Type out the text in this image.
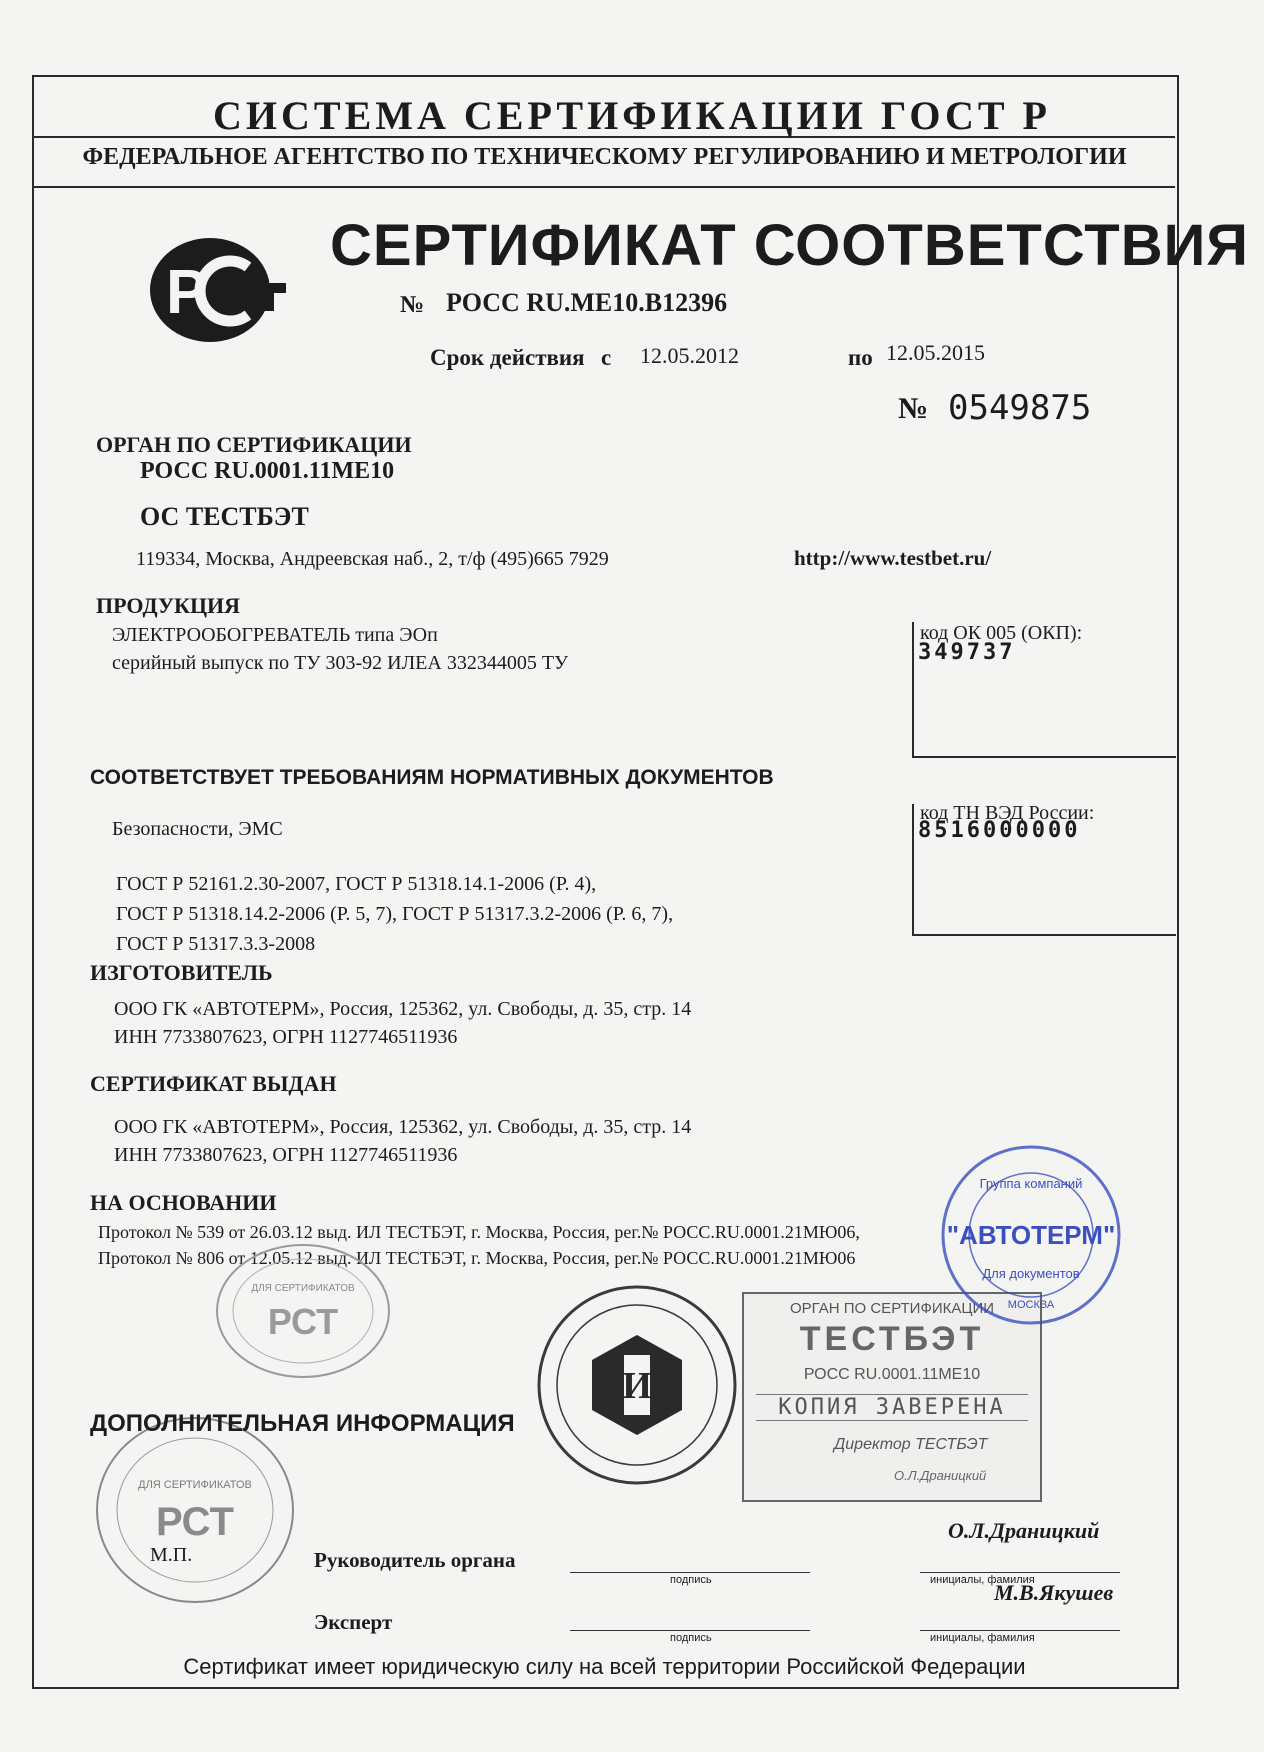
СИСТЕМА СЕРТИФИКАЦИИ ГОСТ Р
ФЕДЕРАЛЬНОЕ АГЕНТСТВО ПО ТЕХНИЧЕСКОМУ РЕГУЛИРОВАНИЮ И МЕТРОЛОГИИ
Р
СЕРТИФИКАТ СООТВЕТСТВИЯ
№ РОСС RU.МЕ10.В12396
Срок действия с 12.05.2012	по 12.05.2015
№ 0549875
ОРГАН ПО СЕРТИФИКАЦИИ
РОСС RU.0001.11МЕ10
ОС ТЕСТБЭТ
119334, Москва, Андреевская наб., 2, т/ф (495)665 7929	http://www.testbet.ru/
ПРОДУКЦИЯ
ЭЛЕКТРООБОГРЕВАТЕЛЬ типа ЭОп
серийный выпуск по ТУ 303-92 ИЛЕА 332344005 ТУ
код ОК 005 (ОКП):
349737
СООТВЕТСТВУЕТ ТРЕБОВАНИЯМ НОРМАТИВНЫХ ДОКУМЕНТОВ
Безопасности, ЭМС
ГОСТ Р 52161.2.30-2007, ГОСТ Р 51318.14.1-2006 (Р. 4),
ГОСТ Р 51318.14.2-2006 (Р. 5, 7), ГОСТ Р 51317.3.2-2006 (Р. 6, 7),
ГОСТ Р 51317.3.3-2008
код ТН ВЭД России:
8516000000
ИЗГОТОВИТЕЛЬ
ООО ГК «АВТОТЕРМ», Россия, 125362, ул. Свободы, д. 35, стр. 14
ИНН 7733807623, ОГРН 1127746511936
СЕРТИФИКАТ ВЫДАН
ООО ГК «АВТОТЕРМ», Россия, 125362, ул. Свободы, д. 35, стр. 14
ИНН 7733807623, ОГРН 1127746511936
НА ОСНОВАНИИ
Протокол № 539 от 26.03.12 выд. ИЛ ТЕСТБЭТ, г. Москва, Россия, рег.№ РОСС.RU.0001.21МЮ06,
Протокол № 806 от 12.05.12 выд. ИЛ ТЕСТБЭТ, г. Москва, Россия, рег.№ РОСС.RU.0001.21МЮ06
ДЛЯ СЕРТИФИКАТОВ
РСТ
ДЛЯ СЕРТИФИКАТОВ
РСТ
И
ОРГАН ПО СЕРТИФИКАЦИИ
ТЕСТБЭТ
РОСС RU.0001.11МЕ10
КОПИЯ ЗАВЕРЕНА
Директор ТЕСТБЭТ
О.Л.Драницкий
Группа компаний
"АВТОТЕРМ"
Для документов
МОСКВА
ДОПОЛНИТЕЛЬНАЯ ИНФОРМАЦИЯ
М.П.	Руководитель органа
подпись
О.Л.Драницкий
инициалы, фамилия
Эксперт
подпись
М.В.Якушев
инициалы, фамилия
Сертификат имеет юридическую силу на всей территории Российской Федерации
